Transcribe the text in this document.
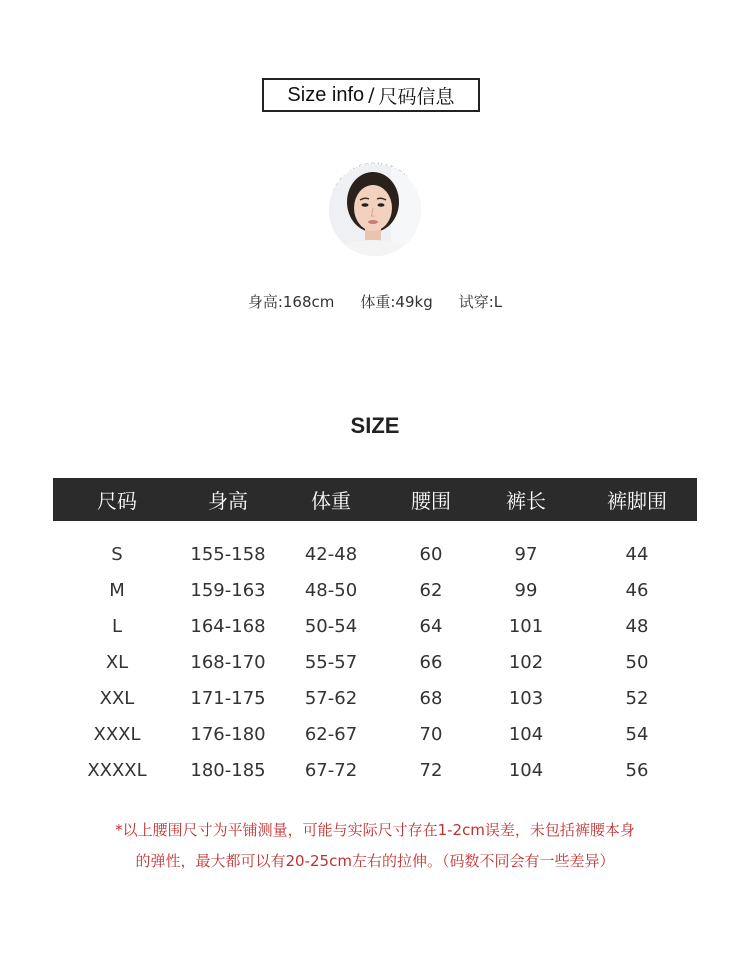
Size info / 尺码信息
身高:168cm 体重:49kg 试穿:L
SIZE
尺码	身高	体重	腰围	裤长	裤脚围
S	155-158	42-48	60	97	44
M	159-163	48-50	62	99	46
L	164-168	50-54	64	101	48
XL	168-170	55-57	66	102	50
XXL	171-175	57-62	68	103	52
XXXL	176-180	62-67	70	104	54
XXXXL	180-185	67-72	72	104	56
*以上腰围尺寸为平铺测量，可能与实际尺寸存在1-2cm误差，未包括裤腰本身
的弹性，最大都可以有20-25cm左右的拉伸。（码数不同会有一些差异）
